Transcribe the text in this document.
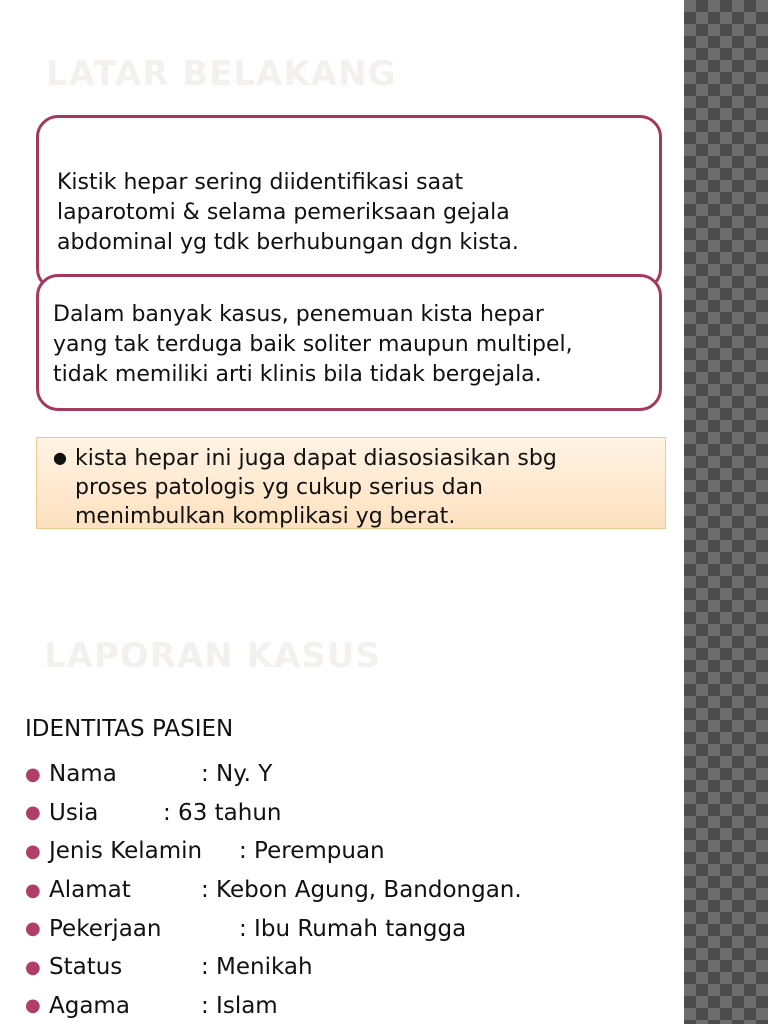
LATAR BELAKANG

Kistik hepar sering diidentifikasi saat

laparotomi & selama pemeriksaan gejala

abdominal yg tdk berhubungan dgn kista.

Dalam banyak kasus, penemuan kista hepar

yang tak terduga baik soliter maupun multipel,

tidak memiliki arti klinis bila tidak bergejala.

● kista hepar ini juga dapat diasosiasikan sbg

proses patologis yg cukup serius dan

menimbulkan komplikasi yg berat.

LAPORAN KASUS
IDENTITAS PASIEN
● Nama	: Ny. Y
● Usia	: 63 tahun
● Jenis Kelamin	: Perempuan
● Alamat	: Kebon Agung, Bandongan.
● Pekerjaan	: Ibu Rumah tangga
● Status	: Menikah
● Agama	: Islam
